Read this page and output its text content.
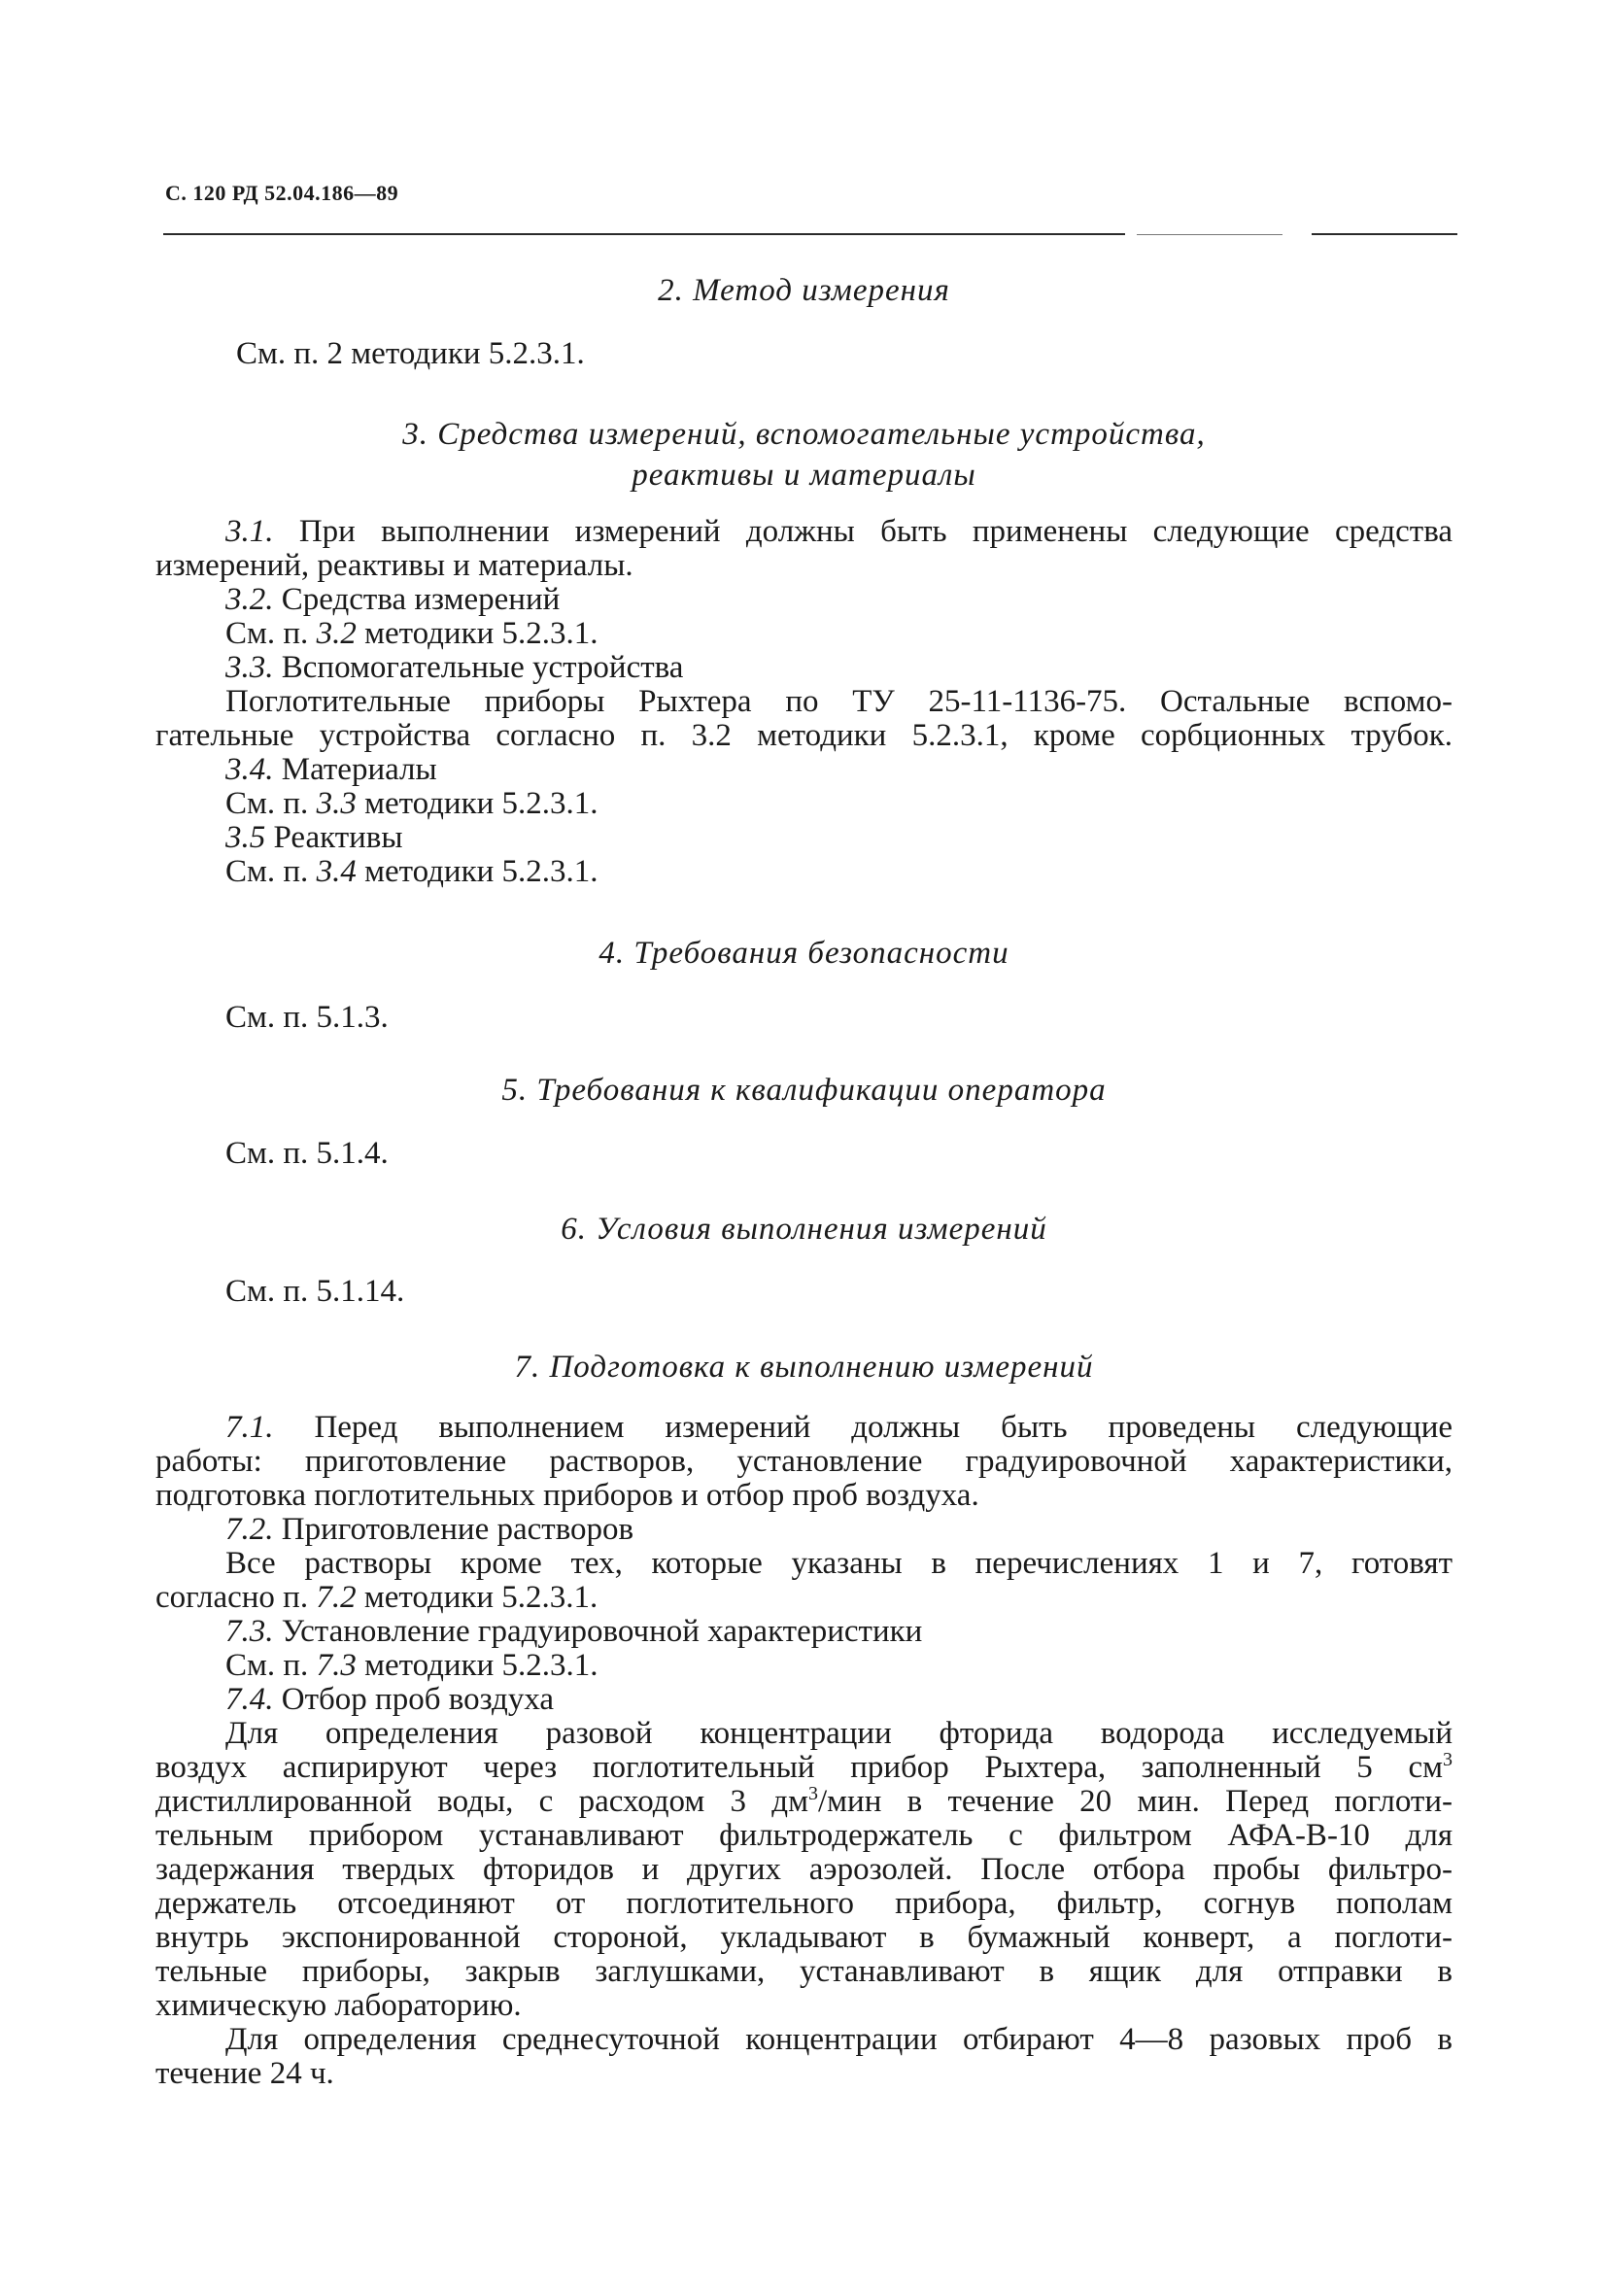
С. 120 РД 52.04.186—89
2. Метод измерения
См. п. 2 методики 5.2.3.1.
3. Средства измерений, вспомогательные устройства,
реактивы и материалы
3.1. При выполнении измерений должны быть применены следующие средства
измерений, реактивы и материалы.
3.2. Средства измерений
См. п. 3.2 методики 5.2.3.1.
3.3. Вспомогательные устройства
Поглотительные приборы Рыхтера по ТУ 25-11-1136-75. Остальные вспомо-
гательные устройства согласно п. 3.2 методики 5.2.3.1, кроме сорбционных трубок.
3.4. Материалы
См. п. 3.3 методики 5.2.3.1.
3.5 Реактивы
См. п. 3.4 методики 5.2.3.1.
4. Требования безопасности
См. п. 5.1.3.
5. Требования к квалификации оператора
См. п. 5.1.4.
6. Условия выполнения измерений
См. п. 5.1.14.
7. Подготовка к выполнению измерений
7.1. Перед выполнением измерений должны быть проведены следующие
работы: приготовление растворов, установление градуировочной характеристики,
подготовка поглотительных приборов и отбор проб воздуха.
7.2. Приготовление растворов
Все растворы кроме тех, которые указаны в перечислениях 1 и 7, готовят
согласно п. 7.2 методики 5.2.3.1.
7.3. Установление градуировочной характеристики
См. п. 7.3 методики 5.2.3.1.
7.4. Отбор проб воздуха
Для определения разовой концентрации фторида водорода исследуемый
воздух аспирируют через поглотительный прибор Рыхтера, заполненный 5 $см^3$
дистиллированной воды, с расходом 3 $дм^3$/мин в течение 20 мин. Перед поглоти-
тельным прибором устанавливают фильтродержатель с фильтром АФА-В-10 для
задержания твердых фторидов и других аэрозолей. После отбора пробы фильтро-
держатель отсоединяют от поглотительного прибора, фильтр, согнув пополам
внутрь экспонированной стороной, укладывают в бумажный конверт, а поглоти-
тельные приборы, закрыв заглушками, устанавливают в ящик для отправки в
химическую лабораторию.
Для определения среднесуточной концентрации отбирают 4—8 разовых проб в
течение 24 ч.
